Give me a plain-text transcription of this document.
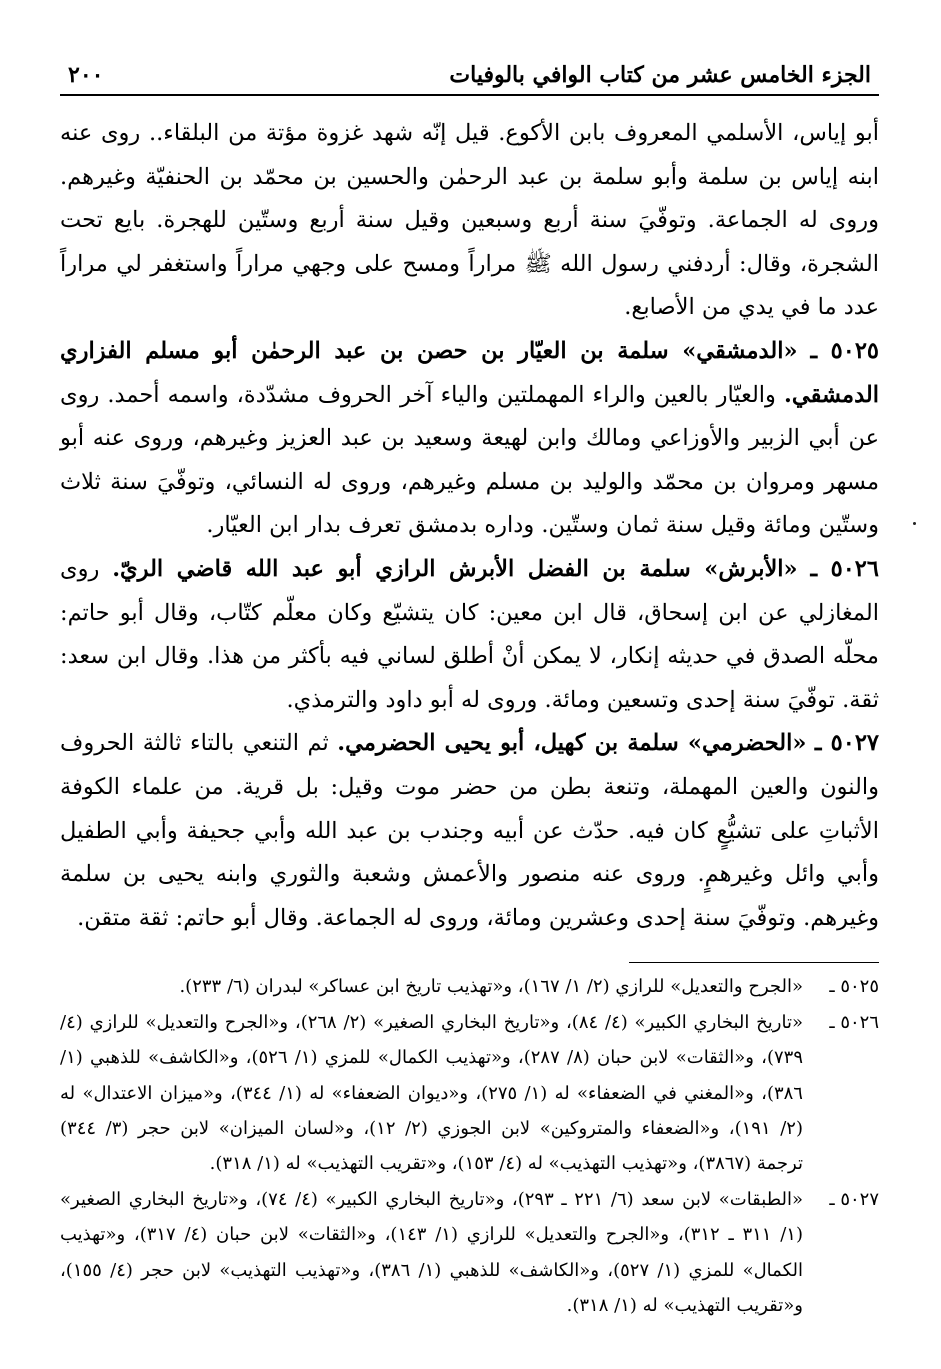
الجزء الخامس عشر من كتاب الوافي بالوفيات
٢٠٠

أبو إياس، الأسلمي المعروف بابن الأكوع. قيل إنّه شهد غزوة مؤتة من البلقاء.. روى عنه ابنه إياس بن سلمة وأبو سلمة بن عبد الرحمٰن والحسين بن محمّد بن الحنفيّة وغيرهم. وروى له الجماعة. وتوفّيَ سنة أربع وسبعين وقيل سنة أربع وستّين للهجرة. بايع تحت الشجرة، وقال: أردفني رسول الله ﷺ مراراً ومسح على وجهي مراراً واستغفر لي مراراً عدد ما في يدي من الأصابع.

٥٠٢٥ ـ «الدمشقي» سلمة بن العيّار بن حصن بن عبد الرحمٰن أبو مسلم الفزاري الدمشقي. والعيّار بالعين والراء المهملتين والياء آخر الحروف مشدّدة، واسمه أحمد. روى عن أبي الزبير والأوزاعي ومالك وابن لهيعة وسعيد بن عبد العزيز وغيرهم، وروى عنه أبو مسهر ومروان بن محمّد والوليد بن مسلم وغيرهم، وروى له النسائي، وتوفّيَ سنة ثلاث وستّين ومائة وقيل سنة ثمان وستّين. وداره بدمشق تعرف بدار ابن العيّار.

٥٠٢٦ ـ «الأبرش» سلمة بن الفضل الأبرش الرازي أبو عبد الله قاضي الريّ. روى المغازلي عن ابن إسحاق، قال ابن معين: كان يتشيّع وكان معلّم كتّاب، وقال أبو حاتم: محلّه الصدق في حديثه إنكار، لا يمكن أنْ أطلق لساني فيه بأكثر من هذا. وقال ابن سعد: ثقة. توفّيَ سنة إحدى وتسعين ومائة. وروى له أبو داود والترمذي.

٥٠٢٧ ـ «الحضرمي» سلمة بن كهيل، أبو يحيى الحضرمي. ثم التنعي بالتاء ثالثة الحروف والنون والعين المهملة، وتنعة بطن من حضر موت وقيل: بل قرية. من علماء الكوفة الأثباتِ على تشيُّعٍ كان فيه. حدّث عن أبيه وجندب بن عبد الله وأبي جحيفة وأبي الطفيل وأبي وائل وغيرهمٍ. وروى عنه منصور والأعمش وشعبة والثوري وابنه يحيى بن سلمة وغيرهم. وتوفّيَ سنة إحدى وعشرين ومائة، وروى له الجماعة. وقال أبو حاتم: ثقة متقن.

٥٠٢٥ ـ
«الجرح والتعديل» للرازي (٢/ ١/ ١٦٧)، و«تهذيب تاريخ ابن عساكر» لبدران (٦/ ٢٣٣).
٥٠٢٦ ـ
«تاريخ البخاري الكبير» (٤/ ٨٤)، و«تاريخ البخاري الصغير» (٢/ ٢٦٨)، و«الجرح والتعديل» للرازي (٤/ ٧٣٩)، و«الثقات» لابن حبان (٨/ ٢٨٧)، و«تهذيب الكمال» للمزي (١/ ٥٢٦)، و«الكاشف» للذهبي (١/ ٣٨٦)، و«المغني في الضعفاء» له (١/ ٢٧٥)، و«ديوان الضعفاء» له (١/ ٣٤٤)، و«ميزان الاعتدال» له (٢/ ١٩١)، و«الضعفاء والمتروكين» لابن الجوزي (٢/ ١٢)، و«لسان الميزان» لابن حجر (٣/ ٣٤٤) ترجمة (٣٨٦٧)، و«تهذيب التهذيب» له (٤/ ١٥٣)، و«تقريب التهذيب» له (١/ ٣١٨).
٥٠٢٧ ـ
«الطبقات» لابن سعد (٦/ ٢٢١ ـ ٢٩٣)، و«تاريخ البخاري الكبير» (٤/ ٧٤)، و«تاريخ البخاري الصغير» (١/ ٣١١ ـ ٣١٢)، و«الجرح والتعديل» للرازي (١/ ١٤٣)، و«الثقات» لابن حبان (٤/ ٣١٧)، و«تهذيب الكمال» للمزي (١/ ٥٢٧)، و«الكاشف» للذهبي (١/ ٣٨٦)، و«تهذيب التهذيب» لابن حجر (٤/ ١٥٥)، و«تقريب التهذيب» له (١/ ٣١٨).
